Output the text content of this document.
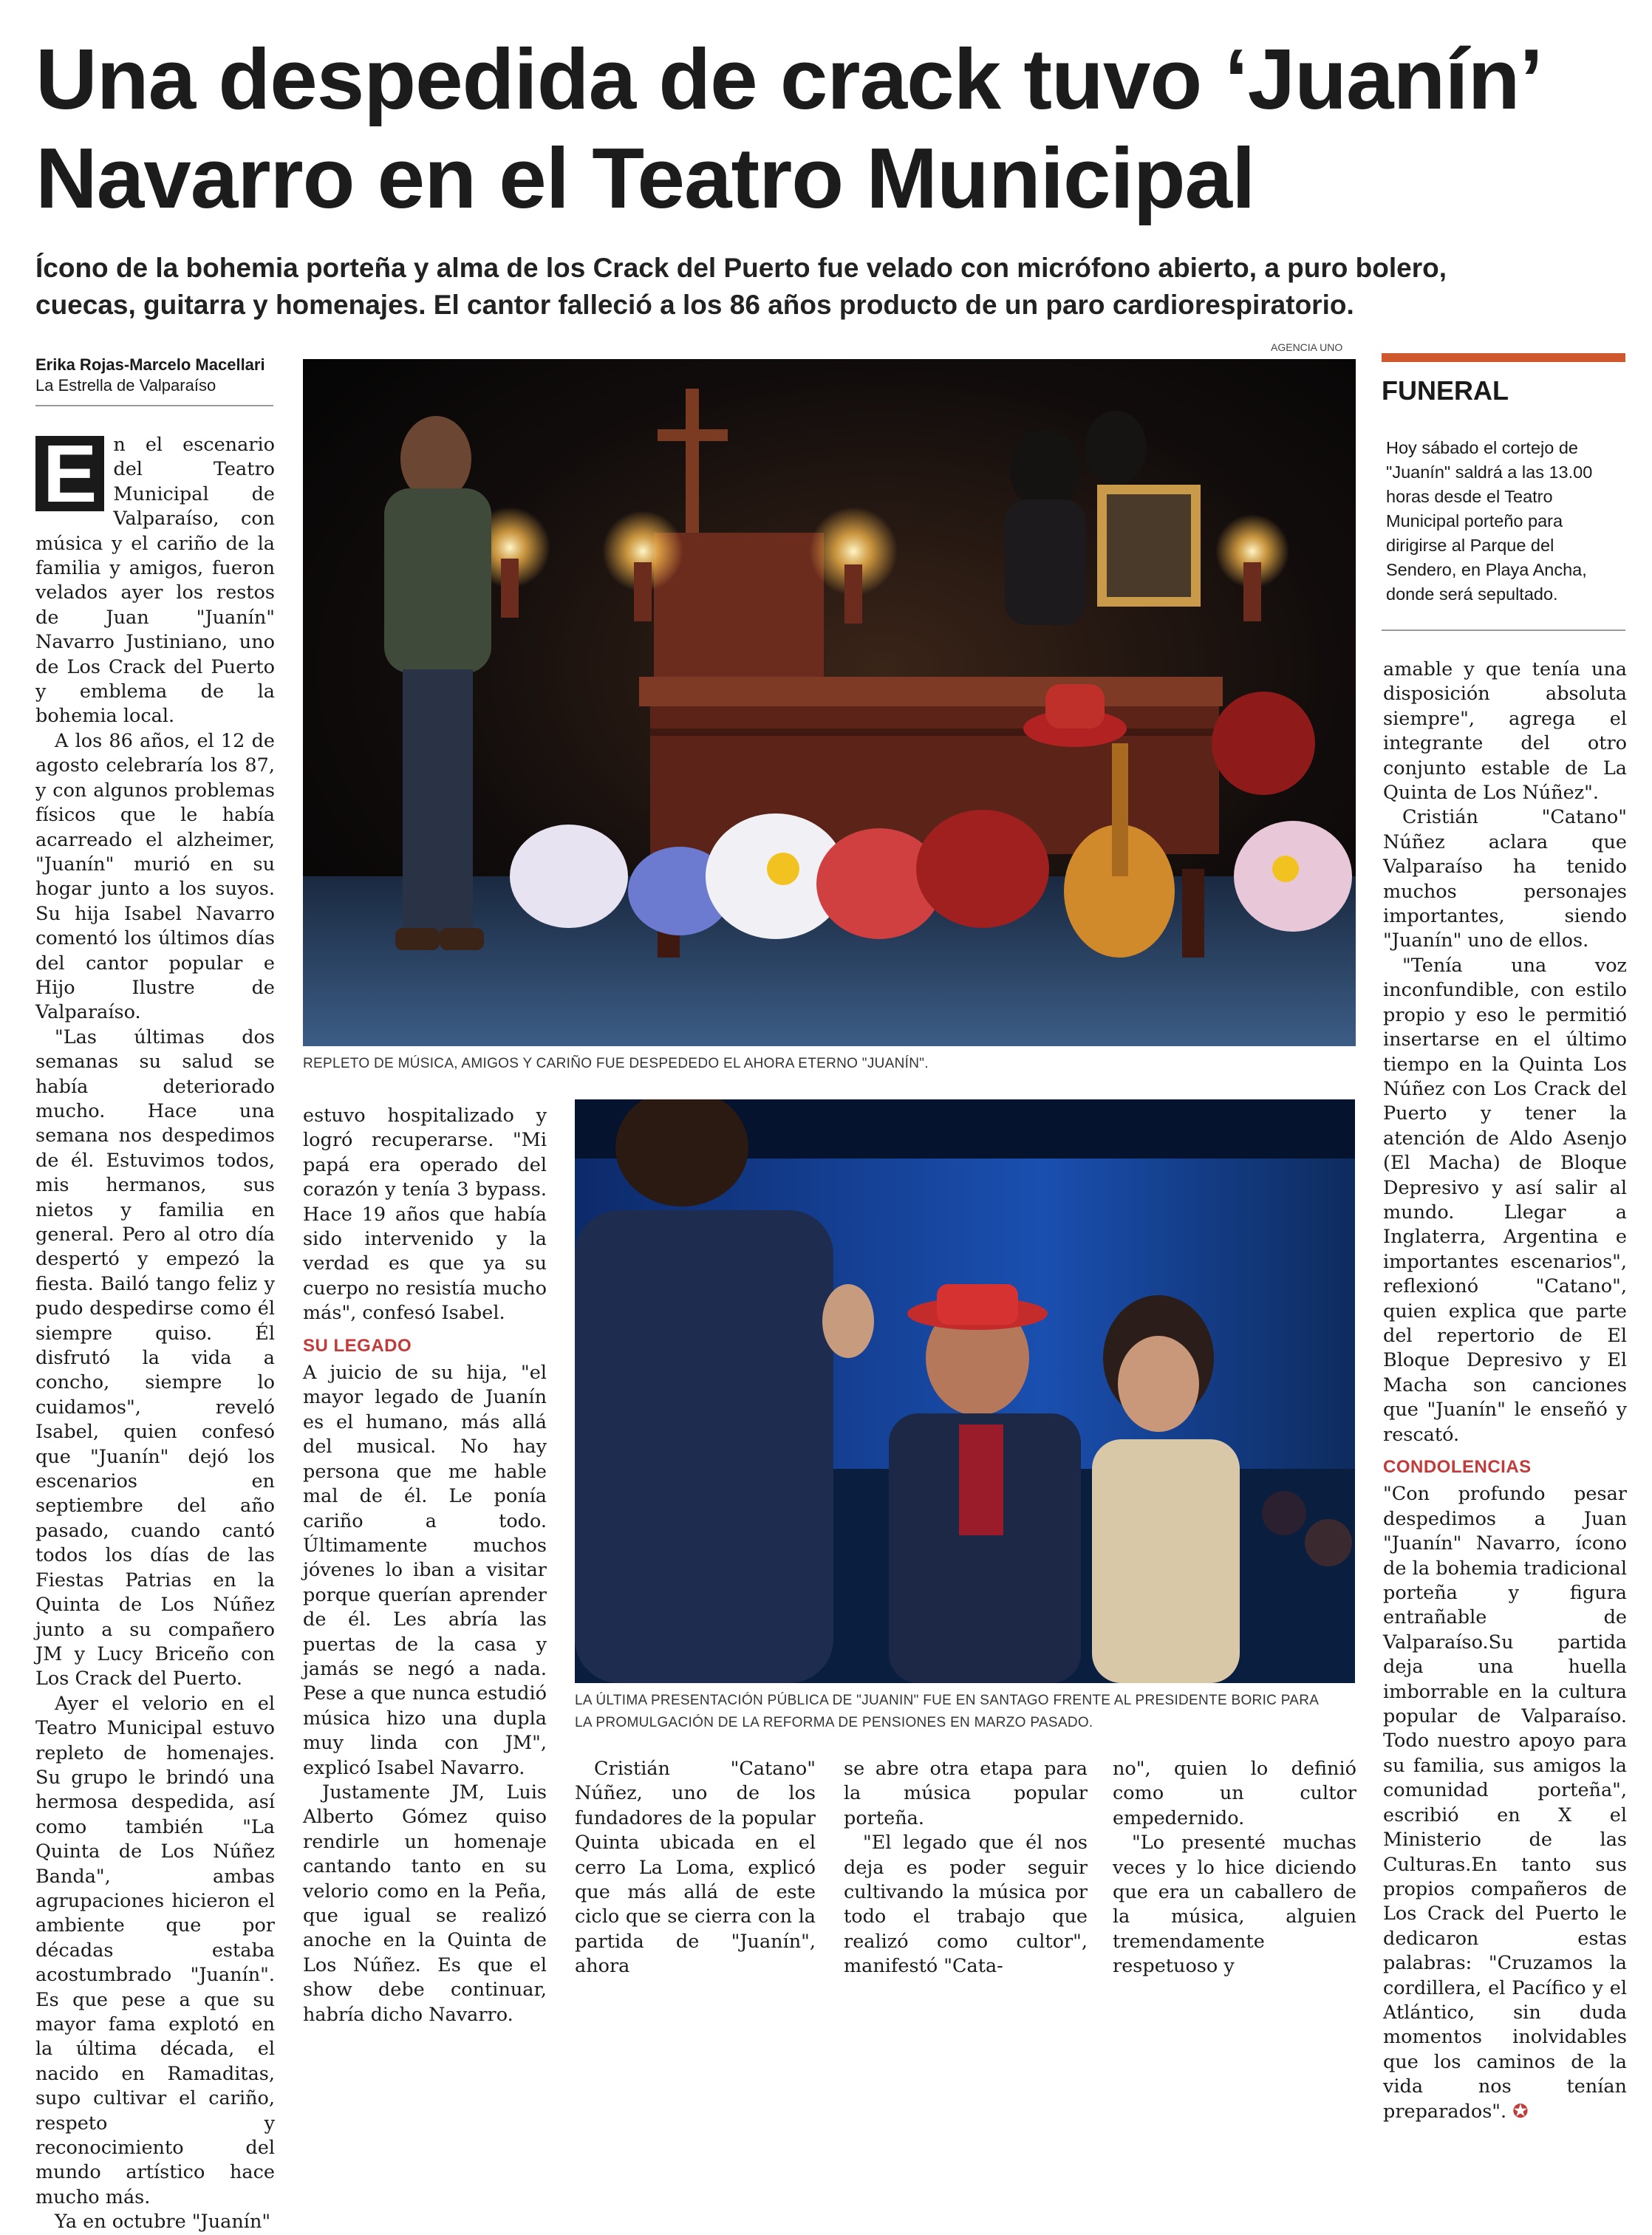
Una despedida de crack tuvo ‘Juanín’
Navarro en el Teatro Municipal
Ícono de la bohemia porteña y alma de los Crack del Puerto fue velado con micrófono abierto, a puro bolero,
cuecas, guitarra y homenajes. El cantor falleció a los 86 años producto de un paro cardiorespiratorio.
Erika Rojas-Marcelo Macellari
La Estrella de Valparaíso
AGENCIA UNO
REPLETO DE MÚSICA, AMIGOS Y CARIÑO FUE DESPEDEDO EL AHORA ETERNO "JUANÍN".
FUNERAL
Hoy sábado el cortejo de "Juanín" saldrá a las 13.00 horas desde el Teatro Municipal porteño para dirigirse al Parque del Sendero, en Playa Ancha, donde será sepultado.
LA ÚLTIMA PRESENTACIÓN PÚBLICA DE "JUANIN" FUE EN SANTAGO FRENTE AL PRESIDENTE BORIC PARA
LA PROMULGACIÓN DE LA REFORMA DE PENSIONES EN MARZO PASADO.

E n el escenario del Teatro Municipal de Valparaíso, con música y el cariño de la familia y amigos, fueron velados ayer los restos de Juan "Juanín" Navarro Justiniano, uno de Los Crack del Puerto y emblema de la bohemia local.

A los 86 años, el 12 de agosto celebraría los 87, y con algunos problemas físicos que le había acarreado el alzheimer, "Juanín" murió en su hogar junto a los suyos. Su hija Isabel Navarro comentó los últimos días del cantor popular e Hijo Ilustre de Valparaíso.

"Las últimas dos semanas su salud se había deteriorado mucho. Hace una semana nos despedimos de él. Estuvimos todos, mis hermanos, sus nietos y familia en general. Pero al otro día despertó y empezó la fiesta. Bailó tango feliz y pudo despedirse como él siempre quiso. Él disfrutó la vida a concho, siempre lo cuidamos", reveló Isabel, quien confesó que "Juanín" dejó los escenarios en septiembre del año pasado, cuando cantó todos los días de las Fiestas Patrias en la Quinta de Los Núñez junto a su compañero JM y Lucy Briceño con Los Crack del Puerto.

Ayer el velorio en el Teatro Municipal estuvo repleto de homenajes. Su grupo le brindó una hermosa despedida, así como también "La Quinta de Los Núñez Banda", ambas agrupaciones hicieron el ambiente que por décadas estaba acostumbrado "Juanín". Es que pese a que su mayor fama explotó en la última década, el nacido en Ramaditas, supo cultivar el cariño, respeto y reconocimiento del mundo artístico hace mucho más.

Ya en octubre "Juanín"

estuvo hospitalizado y logró recuperarse. "Mi papá era operado del corazón y tenía 3 bypass. Hace 19 años que había sido intervenido y la verdad es que ya su cuerpo no resistía mucho más", confesó Isabel.

SU LEGADO

A juicio de su hija, "el mayor legado de Juanín es el humano, más allá del musical. No hay persona que me hable mal de él. Le ponía cariño a todo. Últimamente muchos jóvenes lo iban a visitar porque querían aprender de él. Les abría las puertas de la casa y jamás se negó a nada. Pese a que nunca estudió música hizo una dupla muy linda con JM", explicó Isabel Navarro.

Justamente JM, Luis Alberto Gómez quiso rendirle un homenaje cantando tanto en su velorio como en la Peña, que igual se realizó anoche en la Quinta de Los Núñez. Es que el show debe continuar, habría dicho Navarro.

Cristián "Catano" Núñez, uno de los fundadores de la popular Quinta ubicada en el cerro La Loma, explicó que más allá de este ciclo que se cierra con la partida de "Juanín", ahora

se abre otra etapa para la música popular porteña.

"El legado que él nos deja es poder seguir cultivando la música por todo el trabajo que realizó como cultor", manifestó "Cata-

no", quien lo definió como un cultor empedernido.

"Lo presenté muchas veces y lo hice diciendo que era un caballero de la música, alguien tremendamente respetuoso y

amable y que tenía una disposición absoluta siempre", agrega el integrante del otro conjunto estable de La Quinta de Los Núñez".

Cristián "Catano" Núñez aclara que Valparaíso ha tenido muchos personajes importantes, siendo "Juanín" uno de ellos.

"Tenía una voz inconfundible, con estilo propio y eso le permitió insertarse en el último tiempo en la Quinta Los Núñez con Los Crack del Puerto y tener la atención de Aldo Asenjo (El Macha) de Bloque Depresivo y así salir al mundo. Llegar a Inglaterra, Argentina e importantes escenarios", reflexionó "Catano", quien explica que parte del repertorio de El Bloque Depresivo y El Macha son canciones que "Juanín" le enseñó y rescató.

CONDOLENCIAS

"Con profundo pesar despedimos a Juan "Juanín" Navarro, ícono de la bohemia tradicional porteña y figura entrañable de Valparaíso.Su partida deja una huella imborrable en la cultura popular de Valparaíso. Todo nuestro apoyo para su familia, sus amigos la comunidad porteña", escribió en X el Ministerio de las Culturas.En tanto sus propios compañeros de Los Crack del Puerto le dedicaron estas palabras: "Cruzamos la cordillera, el Pacífico y el Atlántico, sin duda momentos inolvidables que los caminos de la vida nos tenían preparados". ✪
